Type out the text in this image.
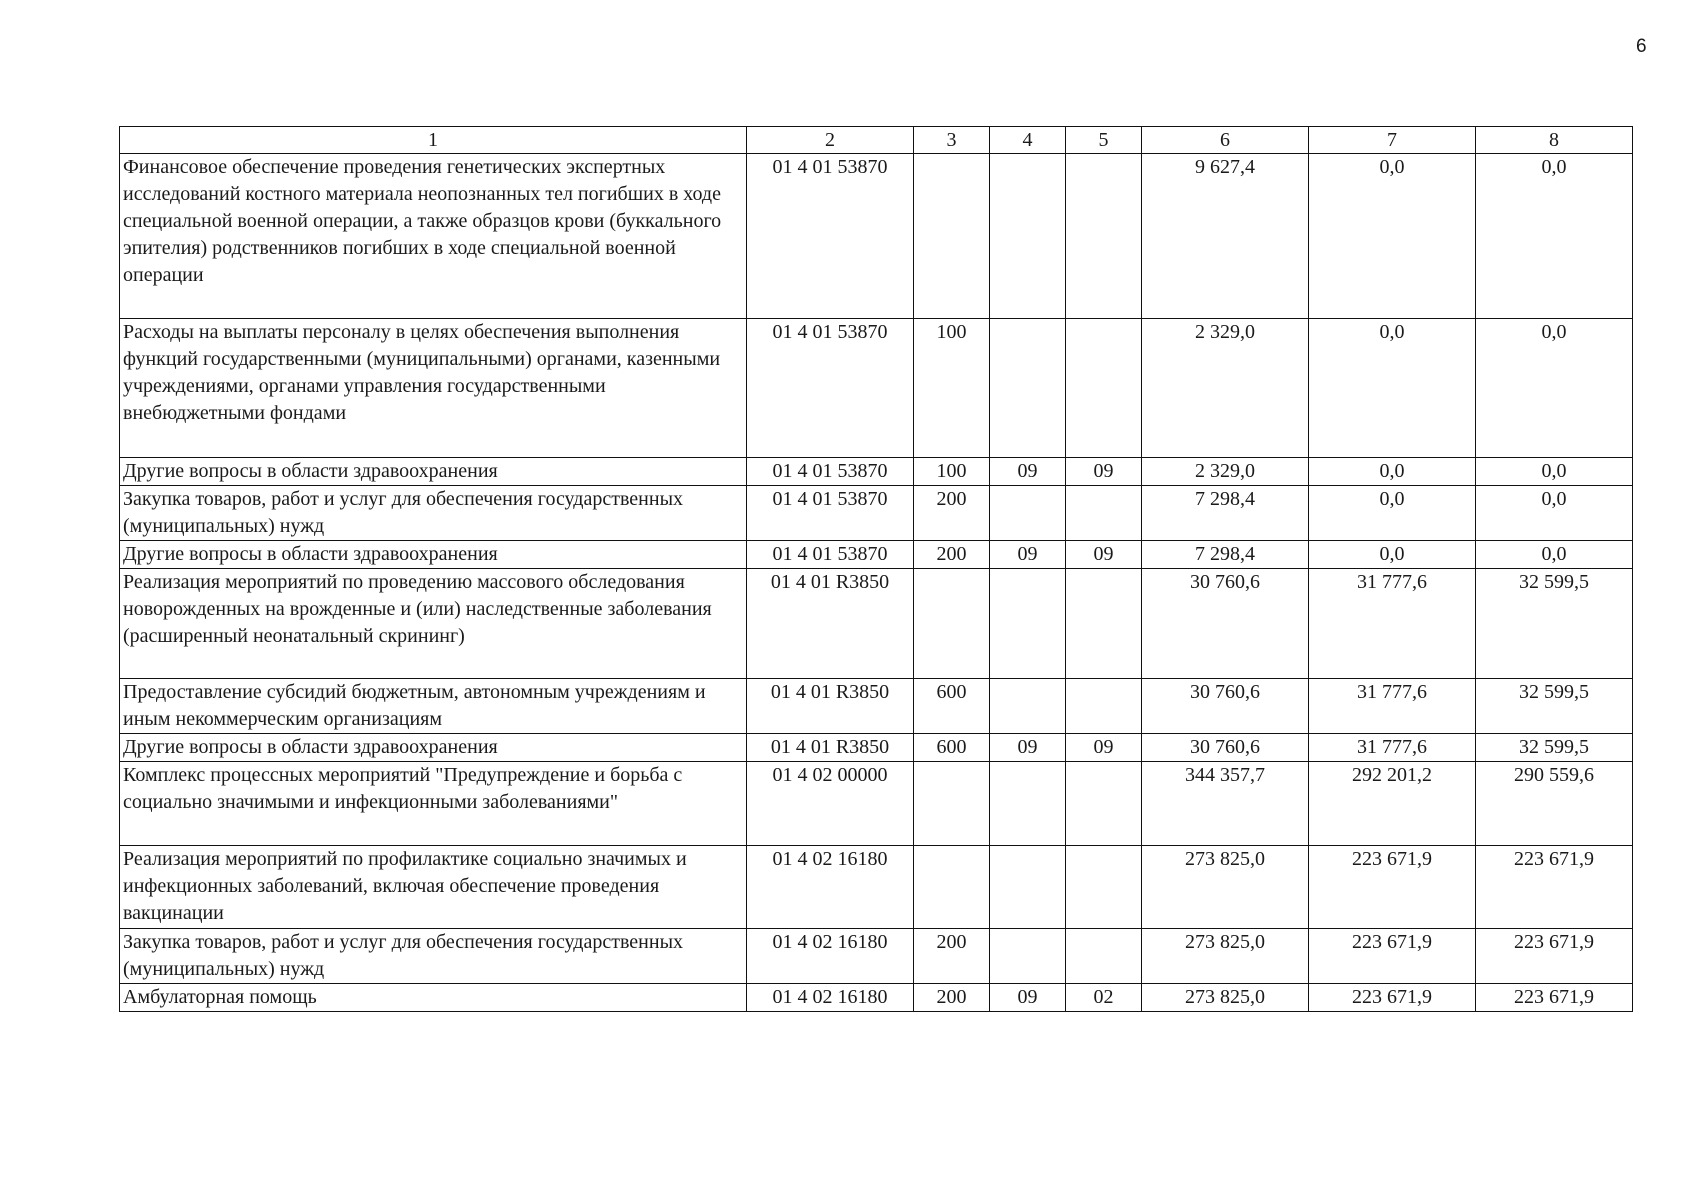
6
1	2	3	4	5	6	7	8
Финансовое обеспечение проведения генетических экспертных исследований костного материала неопознанных тел погибших в ходе специальной военной операции, а также образцов крови (буккального эпителия) родственников погибших в ходе специальной военной операции	01 4 01 53870				9 627,4	0,0	0,0
Расходы на выплаты персоналу в целях обеспечения выполнения функций государственными (муниципальными) органами, казенными учреждениями, органами управления государственными внебюджетными фондами	01 4 01 53870	100			2 329,0	0,0	0,0
Другие вопросы в области здравоохранения	01 4 01 53870	100	09	09	2 329,0	0,0	0,0
Закупка товаров, работ и услуг для обеспечения государственных (муниципальных) нужд	01 4 01 53870	200			7 298,4	0,0	0,0
Другие вопросы в области здравоохранения	01 4 01 53870	200	09	09	7 298,4	0,0	0,0
Реализация мероприятий по проведению массового обследования новорожденных на врожденные и (или) наследственные заболевания (расширенный неонатальный скрининг)	01 4 01 R3850				30 760,6	31 777,6	32 599,5
Предоставление субсидий бюджетным, автономным учреждениям и иным некоммерческим организациям	01 4 01 R3850	600			30 760,6	31 777,6	32 599,5
Другие вопросы в области здравоохранения	01 4 01 R3850	600	09	09	30 760,6	31 777,6	32 599,5
Комплекс процессных мероприятий "Предупреждение и борьба с социально значимыми и инфекционными заболеваниями"	01 4 02 00000				344 357,7	292 201,2	290 559,6
Реализация мероприятий по профилактике социально значимых и инфекционных заболеваний, включая обеспечение проведения вакцинации	01 4 02 16180				273 825,0	223 671,9	223 671,9
Закупка товаров, работ и услуг для обеспечения государственных (муниципальных) нужд	01 4 02 16180	200			273 825,0	223 671,9	223 671,9
Амбулаторная помощь	01 4 02 16180	200	09	02	273 825,0	223 671,9	223 671,9
